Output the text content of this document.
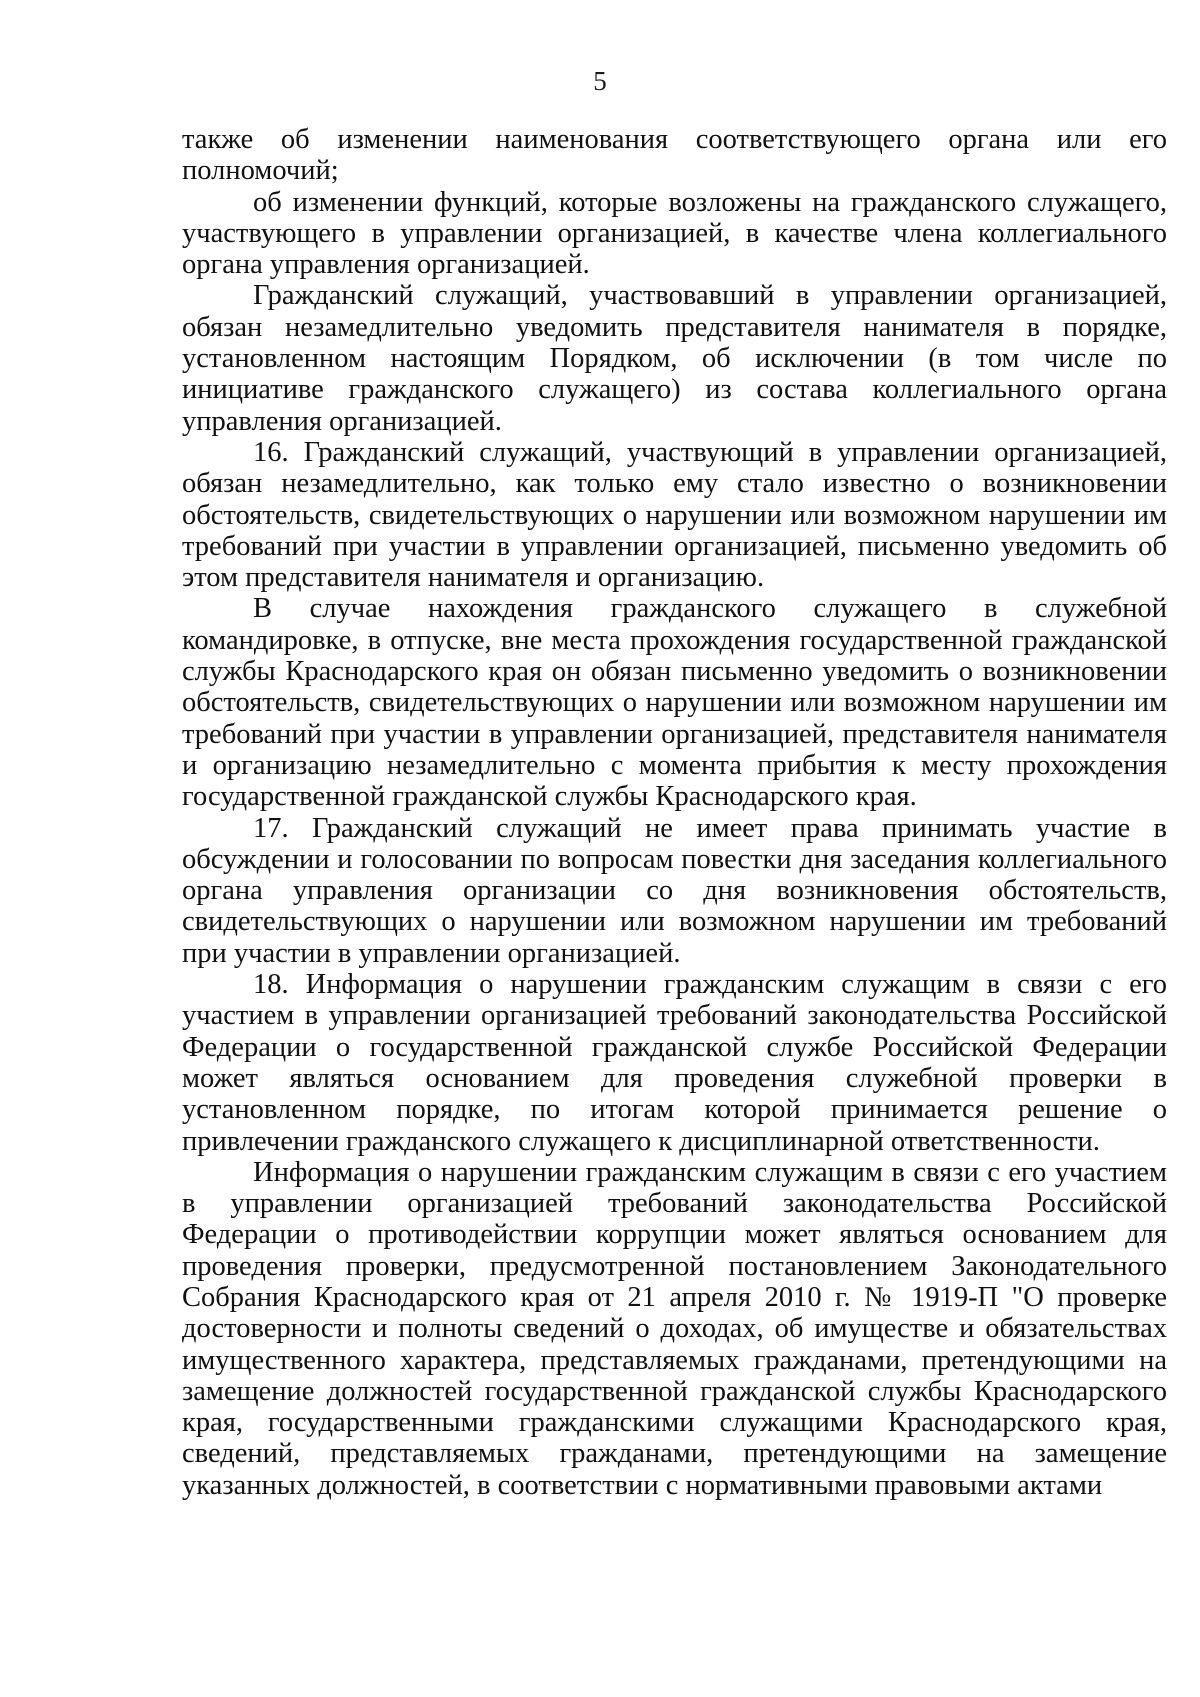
5

также об изменении наименования соответствующего органа или его полномочий;

об изменении функций, которые возложены на гражданского служащего, участвующего в управлении организацией, в качестве члена коллегиального органа управления организацией.

Гражданский служащий, участвовавший в управлении организацией, обязан незамедлительно уведомить представителя нанимателя в порядке, установленном настоящим Порядком, об исключении (в том числе по инициативе гражданского служащего) из состава коллегиального органа управления организацией.

16. Гражданский служащий, участвующий в управлении организацией, обязан незамедлительно, как только ему стало известно о возникновении обстоятельств, свидетельствующих о нарушении или возможном нарушении им требований при участии в управлении организацией, письменно уведомить об этом представителя нанимателя и организацию.

В случае нахождения гражданского служащего в служебной командировке, в отпуске, вне места прохождения государственной гражданской службы Краснодарского края он обязан письменно уведомить о возникновении обстоятельств, свидетельствующих о нарушении или возможном нарушении им требований при участии в управлении организацией, представителя нанимателя и организацию незамедлительно с момента прибытия к месту прохождения государственной гражданской службы Краснодарского края.

17. Гражданский служащий не имеет права принимать участие в обсуждении и голосовании по вопросам повестки дня заседания коллегиального органа управления организации со дня возникновения обстоятельств, свидетельствующих о нарушении или возможном нарушении им требований при участии в управлении организацией.

18. Информация о нарушении гражданским служащим в связи с его участием в управлении организацией требований законодательства Российской Федерации о государственной гражданской службе Российской Федерации может являться основанием для проведения служебной проверки в установленном порядке, по итогам которой принимается решение о привлечении гражданского служащего к дисциплинарной ответственности.

Информация о нарушении гражданским служащим в связи с его участием в управлении организацией требований законодательства Российской Федерации о противодействии коррупции может являться основанием для проведения проверки, предусмотренной постановлением Законодательного Собрания Краснодарского края от 21 апреля 2010 г. № 1919-П "О проверке достоверности и полноты сведений о доходах, об имуществе и обязательствах имущественного характера, представляемых гражданами, претендующими на замещение должностей государственной гражданской службы Краснодарского края, государственными гражданскими служащими Краснодарского края, сведений, представляемых гражданами, претендующими на замещение указанных должностей, в соответствии с нормативными правовыми актами
